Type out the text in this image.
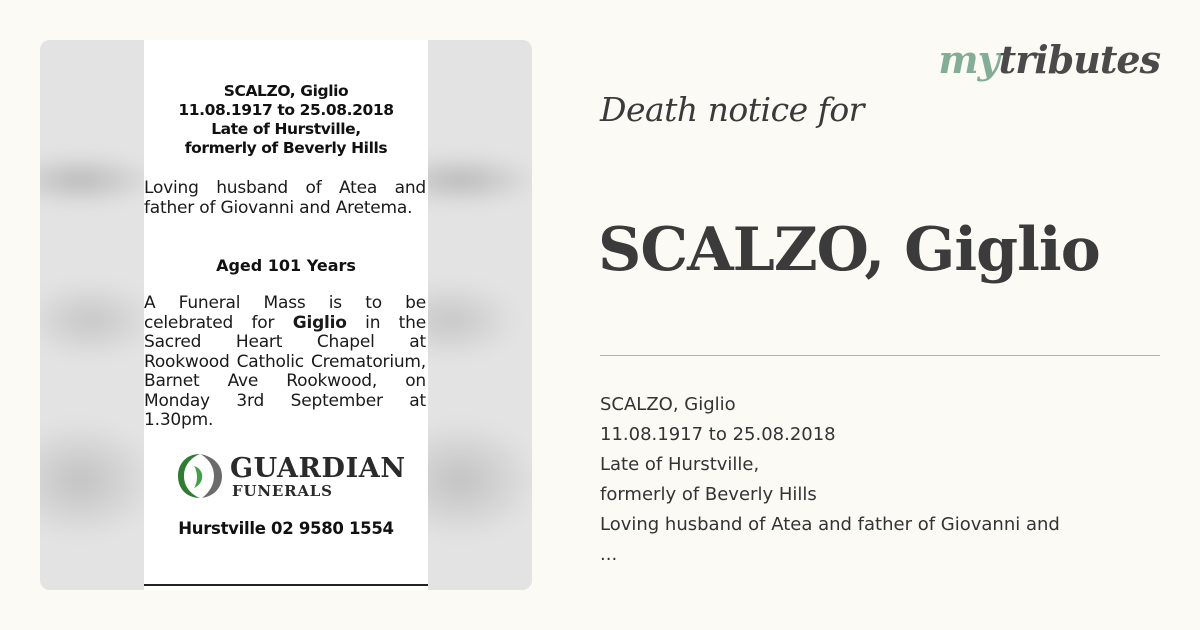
SCALZO, Giglio
11.08.1917 to 25.08.2018
Late of Hurstville,
formerly of Beverly Hills
Loving husband of Atea and father of Giovanni and Aretema.
Aged 101 Years
A Funeral Mass is to be celebrated for Giglio in the Sacred Heart Chapel at Rookwood Catholic Crematorium, Barnet Ave Rookwood, on Monday 3rd September at 1.30pm.
GUARDIAN
FUNERALS
Hurstville 02 9580 1554
mytributes
Death notice for
SCALZO, Giglio
SCALZO, Giglio
11.08.1917 to 25.08.2018
Late of Hurstville,
formerly of Beverly Hills
Loving husband of Atea and father of Giovanni and
...
